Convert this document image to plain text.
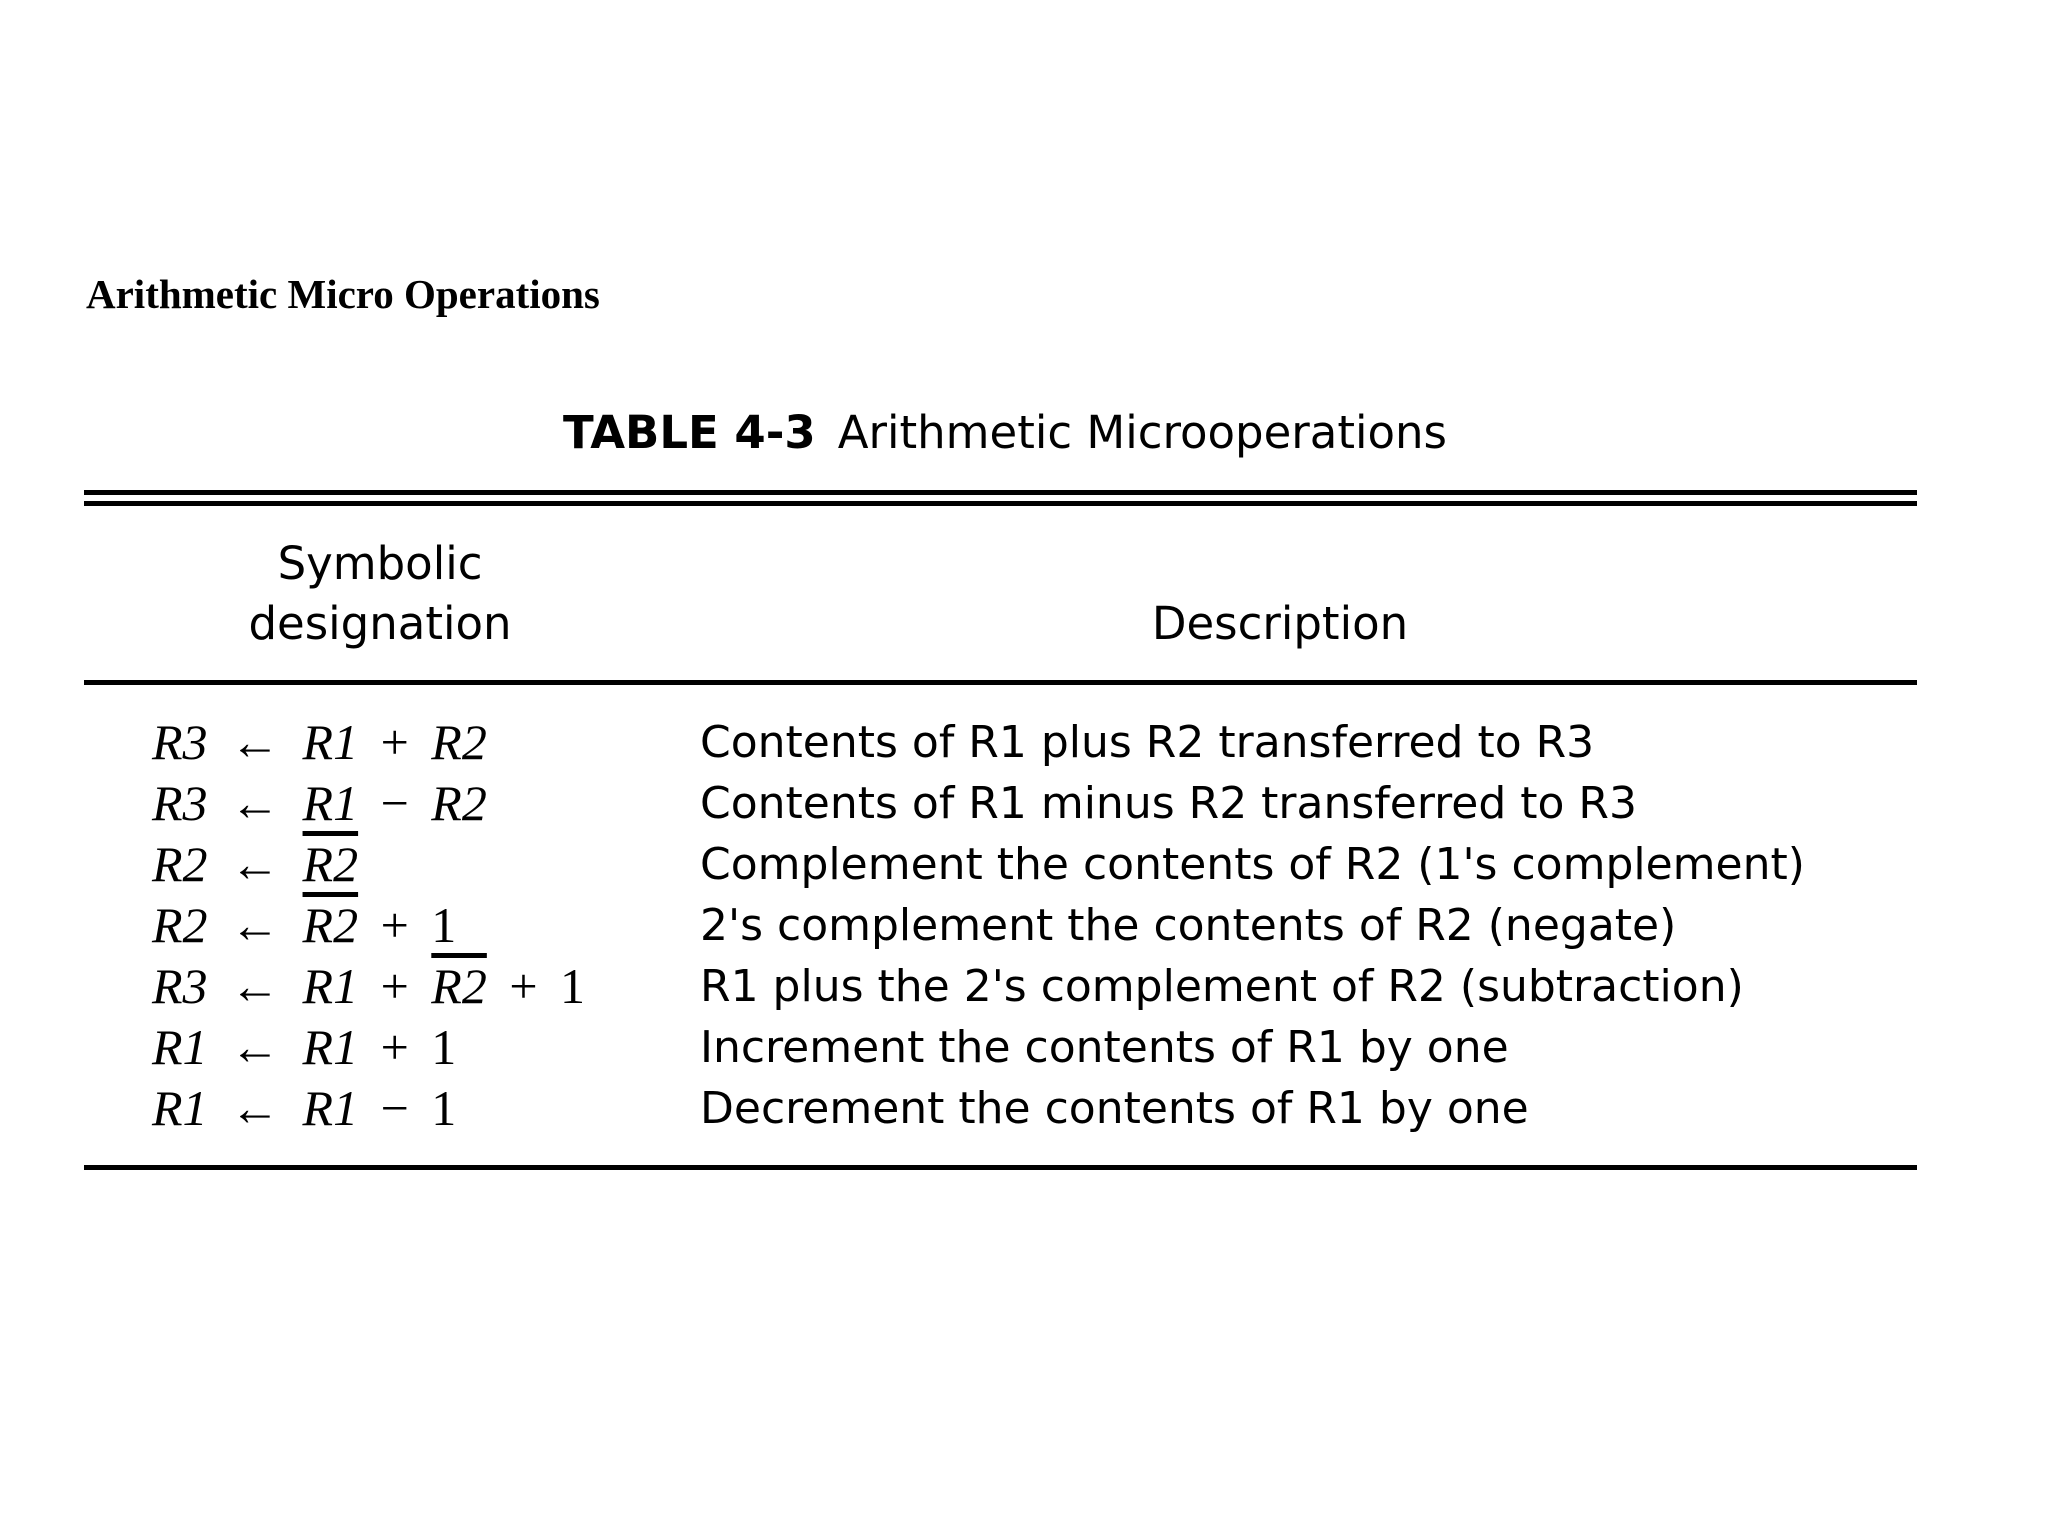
Arithmetic Micro Operations
TABLE 4-3 Arithmetic Microoperations
Symbolic
designation	Description
R3 ← R1 + R2	Contents of R1 plus R2 transferred to R3
R3 ← R1 − R2	Contents of R1 minus R2 transferred to R3
R2 ← R2	Complement the contents of R2 (1's complement)
R2 ← R2 + 1	2's complement the contents of R2 (negate)
R3 ← R1 + R2 + 1	R1 plus the 2's complement of R2 (subtraction)
R1 ← R1 + 1	Increment the contents of R1 by one
R1 ← R1 − 1	Decrement the contents of R1 by one
